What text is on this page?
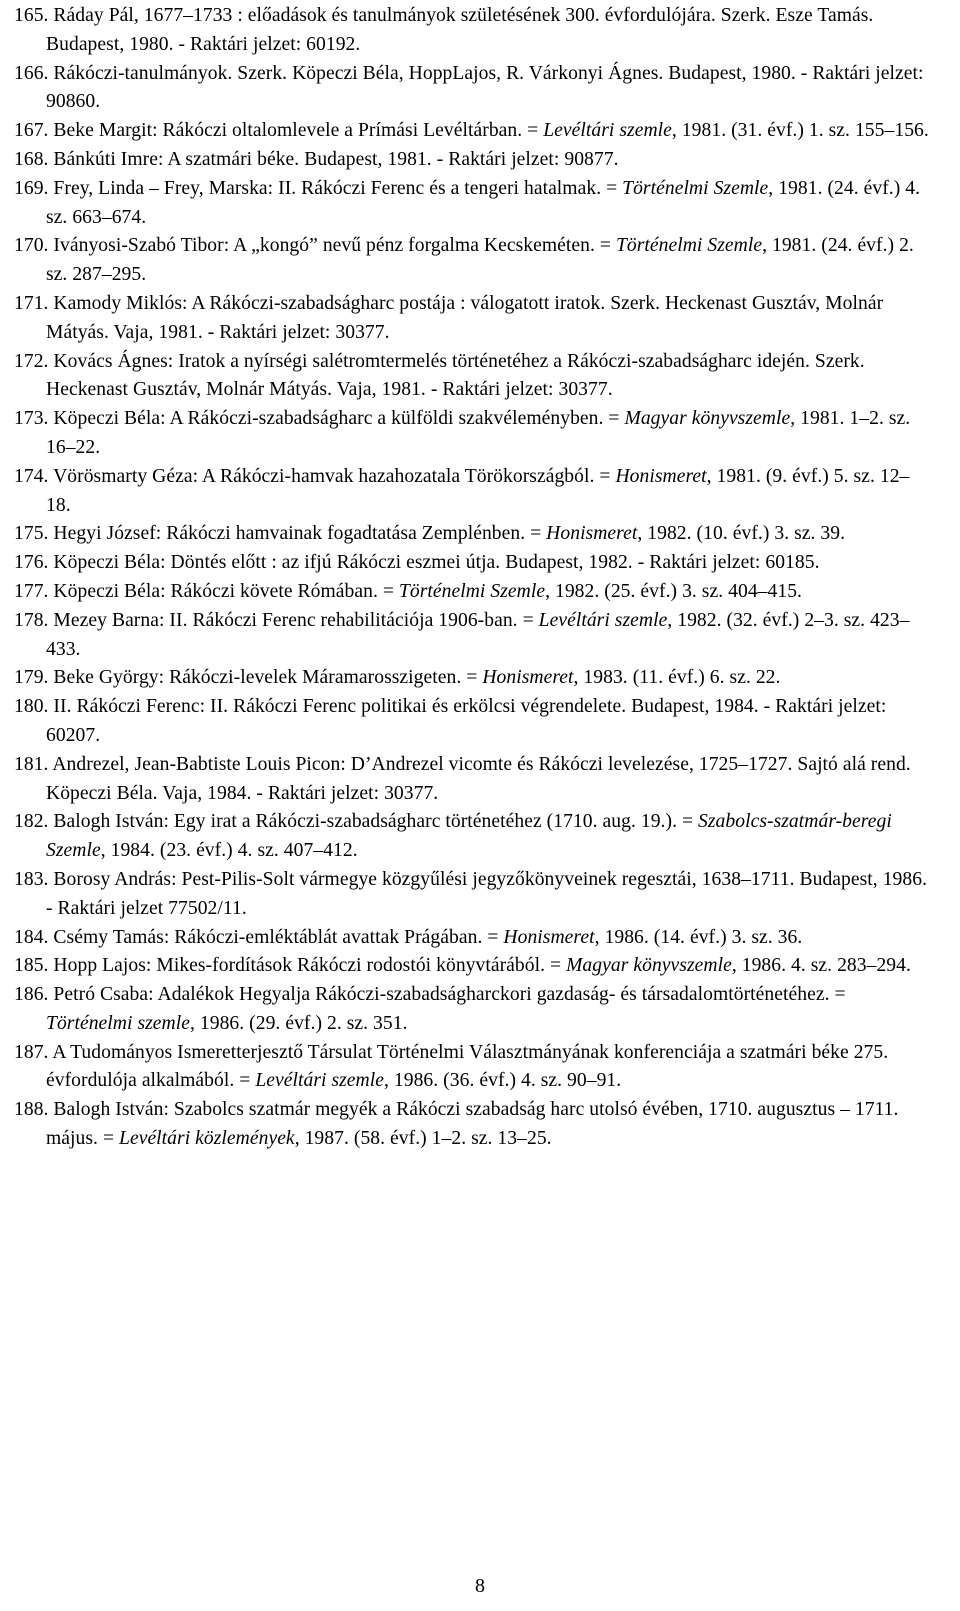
165. Ráday Pál, 1677–1733 : előadások és tanulmányok születésének 300. évfordulójára. Szerk. Esze Tamás. Budapest, 1980. - Raktári jelzet: 60192.

166. Rákóczi-tanulmányok. Szerk. Köpeczi Béla, HoppLajos, R. Várkonyi Ágnes. Budapest, 1980. - Raktári jelzet: 90860.

167. Beke Margit: Rákóczi oltalomlevele a Prímási Levéltárban. = Levéltári szemle, 1981. (31. évf.) 1. sz. 155–156.

168. Bánkúti Imre: A szatmári béke. Budapest, 1981. - Raktári jelzet: 90877.

169. Frey, Linda – Frey, Marska: II. Rákóczi Ferenc és a tengeri hatalmak. = Történelmi Szemle, 1981. (24. évf.) 4. sz. 663–674.

170. Iványosi-Szabó Tibor: A „kongó” nevű pénz forgalma Kecskeméten. = Történelmi Szemle, 1981. (24. évf.) 2. sz. 287–295.

171. Kamody Miklós: A Rákóczi-szabadságharc postája : válogatott iratok. Szerk. Heckenast Gusztáv, Molnár Mátyás. Vaja, 1981. - Raktári jelzet: 30377.

172. Kovács Ágnes: Iratok a nyírségi salétromtermelés történetéhez a Rákóczi-szabadságharc idején. Szerk. Heckenast Gusztáv, Molnár Mátyás. Vaja, 1981. - Raktári jelzet: 30377.

173. Köpeczi Béla: A Rákóczi-szabadságharc a külföldi szakvéleményben. = Magyar könyvszemle, 1981. 1–2. sz. 16–22.

174. Vörösmarty Géza: A Rákóczi-hamvak hazahozatala Törökországból. = Honismeret, 1981. (9. évf.) 5. sz. 12–18.

175. Hegyi József: Rákóczi hamvainak fogadtatása Zemplénben. = Honismeret, 1982. (10. évf.) 3. sz. 39.

176. Köpeczi Béla: Döntés előtt : az ifjú Rákóczi eszmei útja. Budapest, 1982. - Raktári jelzet: 60185.

177. Köpeczi Béla: Rákóczi követe Rómában. = Történelmi Szemle, 1982. (25. évf.) 3. sz. 404–415.

178. Mezey Barna: II. Rákóczi Ferenc rehabilitációja 1906-ban. = Levéltári szemle, 1982. (32. évf.) 2–3. sz. 423–433.

179. Beke György: Rákóczi-levelek Máramarosszigeten. = Honismeret, 1983. (11. évf.) 6. sz. 22.

180. II. Rákóczi Ferenc: II. Rákóczi Ferenc politikai és erkölcsi végrendelete. Budapest, 1984. - Raktári jelzet: 60207.

181. Andrezel, Jean-Babtiste Louis Picon: D’Andrezel vicomte és Rákóczi levelezése, 1725–1727. Sajtó alá rend. Köpeczi Béla. Vaja, 1984. - Raktári jelzet: 30377.

182. Balogh István: Egy irat a Rákóczi-szabadságharc történetéhez (1710. aug. 19.). = Szabolcs-szatmár-beregi Szemle, 1984. (23. évf.) 4. sz. 407–412.

183. Borosy András: Pest-Pilis-Solt vármegye közgyűlési jegyzőkönyveinek regesztái, 1638–1711. Budapest, 1986. - Raktári jelzet 77502/11.

184. Csémy Tamás: Rákóczi-emléktáblát avattak Prágában. = Honismeret, 1986. (14. évf.) 3. sz. 36.

185. Hopp Lajos: Mikes-fordítások Rákóczi rodostói könyvtárából. = Magyar könyvszemle, 1986. 4. sz. 283–294.

186. Petró Csaba: Adalékok Hegyalja Rákóczi-szabadságharckori gazdaság- és társadalomtörténetéhez. = Történelmi szemle, 1986. (29. évf.) 2. sz. 351.

187. A Tudományos Ismeretterjesztő Társulat Történelmi Választmányának konferenciája a szatmári béke 275. évfordulója alkalmából. = Levéltári szemle, 1986. (36. évf.) 4. sz. 90–91.

188. Balogh István: Szabolcs szatmár megyék a Rákóczi szabadság harc utolsó évében, 1710. augusztus – 1711. május. = Levéltári közlemények, 1987. (58. évf.) 1–2. sz. 13–25.

8
